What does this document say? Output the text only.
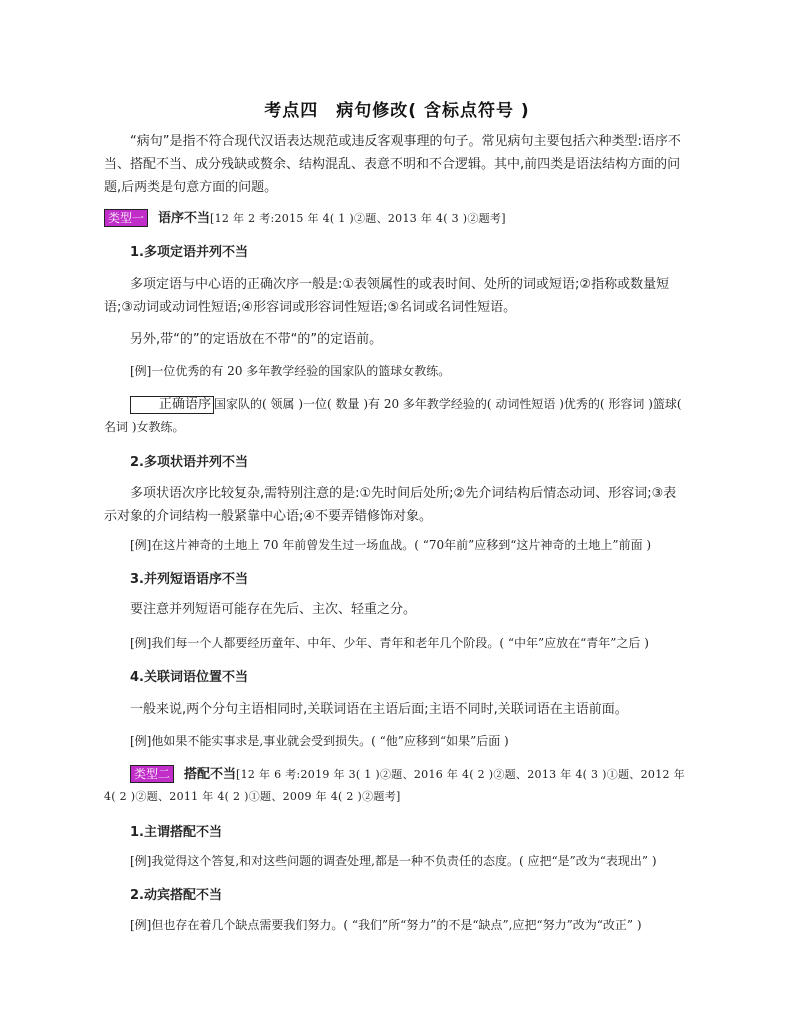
考点四　病句修改( 含标点符号 )
“病句”是指不符合现代汉语表达规范或违反客观事理的句子。常见病句主要包括六种类型:语序不当、搭配不当、成分残缺或赘余、结构混乱、表意不明和不合逻辑。其中,前四类是语法结构方面的问题,后两类是句意方面的问题。
类型一 语序不当[12 年 2 考:2015 年 4( 1 )②题、2013 年 4( 3 )②题考]
1.多项定语并列不当
多项定语与中心语的正确次序一般是:①表领属性的或表时间、处所的词或短语;②指称或数量短语;③动词或动词性短语;④形容词或形容词性短语;⑤名词或名词性短语。
另外,带“的”的定语放在不带“的”的定语前。
[例]一位优秀的有 20 多年教学经验的国家队的篮球女教练。
正确语序 国家队的( 领属 )一位( 数量 )有 20 多年教学经验的( 动词性短语 )优秀的( 形容词 )篮球( 名词 )女教练。
2.多项状语并列不当
多项状语次序比较复杂,需特别注意的是:①先时间后处所;②先介词结构后情态动词、形容词;③表示对象的介词结构一般紧靠中心语;④不要弄错修饰对象。
[例]在这片神奇的土地上 70 年前曾发生过一场血战。( “70年前”应移到“这片神奇的土地上”前面 )
3.并列短语语序不当
要注意并列短语可能存在先后、主次、轻重之分。
[例]我们每一个人都要经历童年、中年、少年、青年和老年几个阶段。( “中年”应放在“青年”之后 )
4.关联词语位置不当
一般来说,两个分句主语相同时,关联词语在主语后面;主语不同时,关联词语在主语前面。
[例]他如果不能实事求是,事业就会受到损失。( “他”应移到“如果”后面 )
类型二 搭配不当[12 年 6 考:2019 年 3( 1 )②题、2016 年 4( 2 )②题、2013 年 4( 3 )①题、2012 年 4( 2 )②题、2011 年 4( 2 )①题、2009 年 4( 2 )②题考]
1.主谓搭配不当
[例]我觉得这个答复,和对这些问题的调查处理,都是一种不负责任的态度。( 应把“是”改为“表现出” )
2.动宾搭配不当
[例]但也存在着几个缺点需要我们努力。( “我们”所“努力”的不是“缺点”,应把“努力”改为“改正” )
